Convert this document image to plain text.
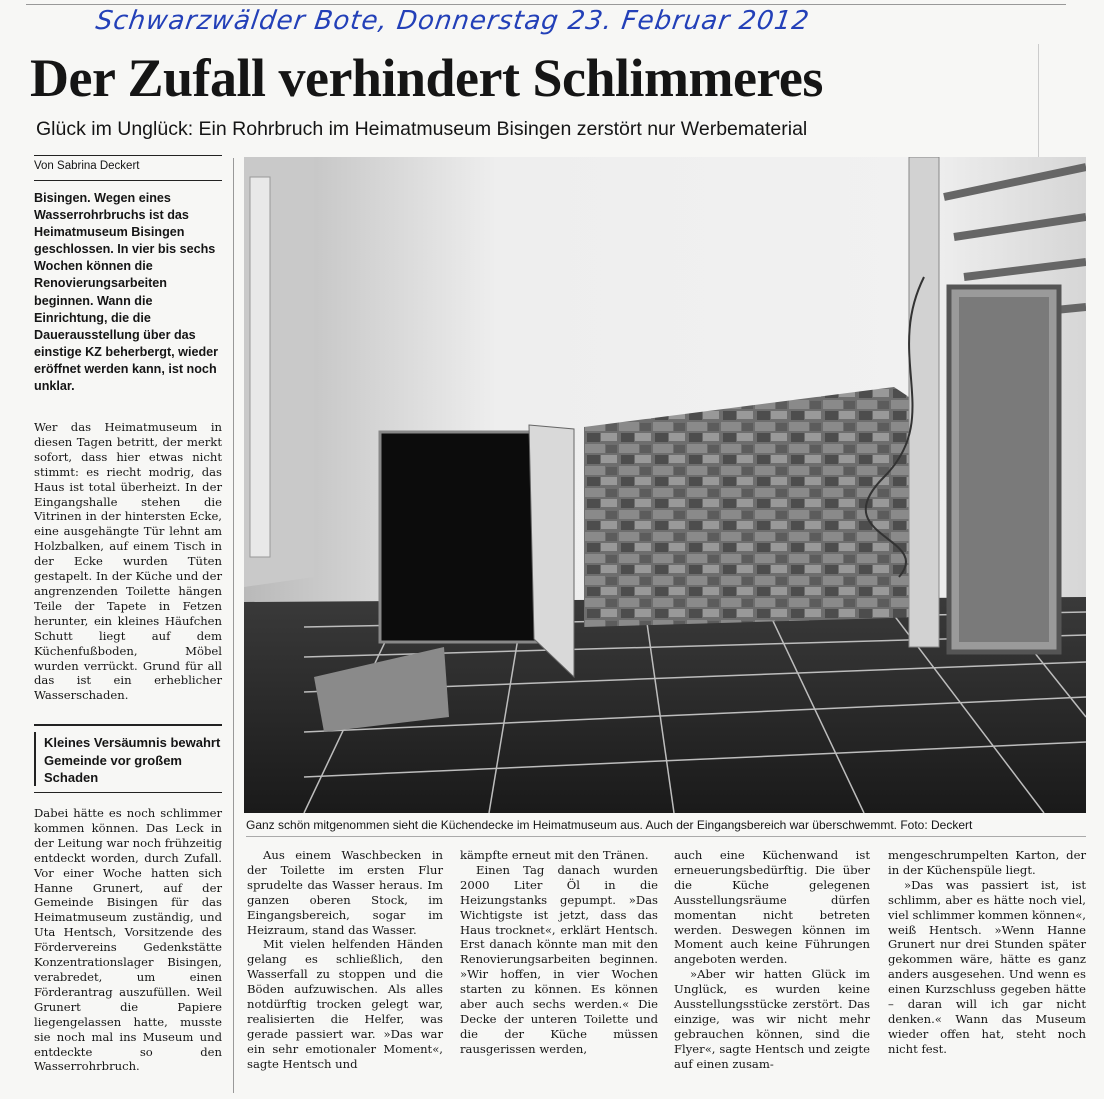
Schwarzwälder Bote, Donnerstag 23. Februar 2012
Der Zufall verhindert Schlimmeres
Glück im Unglück: Ein Rohrbruch im Heimatmuseum Bisingen zerstört nur Werbematerial
Von Sabrina Deckert
Bisingen. Wegen eines Wasserrohrbruchs ist das Heimatmuseum Bisingen geschlossen. In vier bis sechs Wochen können die Renovierungsarbeiten beginnen. Wann die Einrichtung, die die Dauerausstellung über das einstige KZ beherbergt, wieder eröffnet werden kann, ist noch unklar.

Wer das Heimatmuseum in diesen Tagen betritt, der merkt sofort, dass hier etwas nicht stimmt: es riecht modrig, das Haus ist total überheizt. In der Eingangshalle stehen die Vitrinen in der hintersten Ecke, eine ausgehängte Tür lehnt am Holzbalken, auf einem Tisch in der Ecke wurden Tüten gestapelt. In der Küche und der angrenzenden Toilette hängen Teile der Tapete in Fetzen herunter, ein kleines Häufchen Schutt liegt auf dem Küchenfußboden, Möbel wurden verrückt. Grund für all das ist ein erheblicher Wasserschaden.

Kleines Versäumnis bewahrt Gemeinde vor großem Schaden

Dabei hätte es noch schlimmer kommen können. Das Leck in der Leitung war noch frühzeitig entdeckt worden, durch Zufall. Vor einer Woche hatten sich Hanne Grunert, auf der Gemeinde Bisingen für das Heimatmuseum zuständig, und Uta Hentsch, Vorsitzende des Fördervereins Gedenkstätte Konzentrationslager Bisingen, verabredet, um einen Förderantrag auszufüllen. Weil Grunert die Papiere liegengelassen hatte, musste sie noch mal ins Museum und entdeckte so den Wasserrohrbruch.

Ganz schön mitgenommen sieht die Küchendecke im Heimatmuseum aus. Auch der Eingangsbereich war überschwemmt. Foto: Deckert

Aus einem Waschbecken in der Toilette im ersten Flur sprudelte das Wasser heraus. Im ganzen oberen Stock, im Eingangsbereich, sogar im Heizraum, stand das Wasser.

Mit vielen helfenden Händen gelang es schließlich, den Wasserfall zu stoppen und die Böden aufzuwischen. Als alles notdürftig trocken gelegt war, realisierten die Helfer, was gerade passiert war. »Das war ein sehr emotionaler Moment«, sagte Hentsch und

kämpfte erneut mit den Tränen.

Einen Tag danach wurden 2000 Liter Öl in die Heizungstanks gepumpt. »Das Wichtigste ist jetzt, dass das Haus trocknet«, erklärt Hentsch. Erst danach könnte man mit den Renovierungsarbeiten beginnen. »Wir hoffen, in vier Wochen starten zu können. Es können aber auch sechs werden.« Die Decke der unteren Toilette und die der Küche müssen rausgerissen werden,

auch eine Küchenwand ist erneuerungsbedürftig. Die über die Küche gelegenen Ausstellungsräume dürfen momentan nicht betreten werden. Deswegen können im Moment auch keine Führungen angeboten werden.

»Aber wir hatten Glück im Unglück, es wurden keine Ausstellungsstücke zerstört. Das einzige, was wir nicht mehr gebrauchen können, sind die Flyer«, sagte Hentsch und zeigte auf einen zusam-

mengeschrumpelten Karton, der in der Küchenspüle liegt.

»Das was passiert ist, ist schlimm, aber es hätte noch viel, viel schlimmer kommen können«, weiß Hentsch. »Wenn Hanne Grunert nur drei Stunden später gekommen wäre, hätte es ganz anders ausgesehen. Und wenn es einen Kurzschluss gegeben hätte – daran will ich gar nicht denken.« Wann das Museum wieder offen hat, steht noch nicht fest.
